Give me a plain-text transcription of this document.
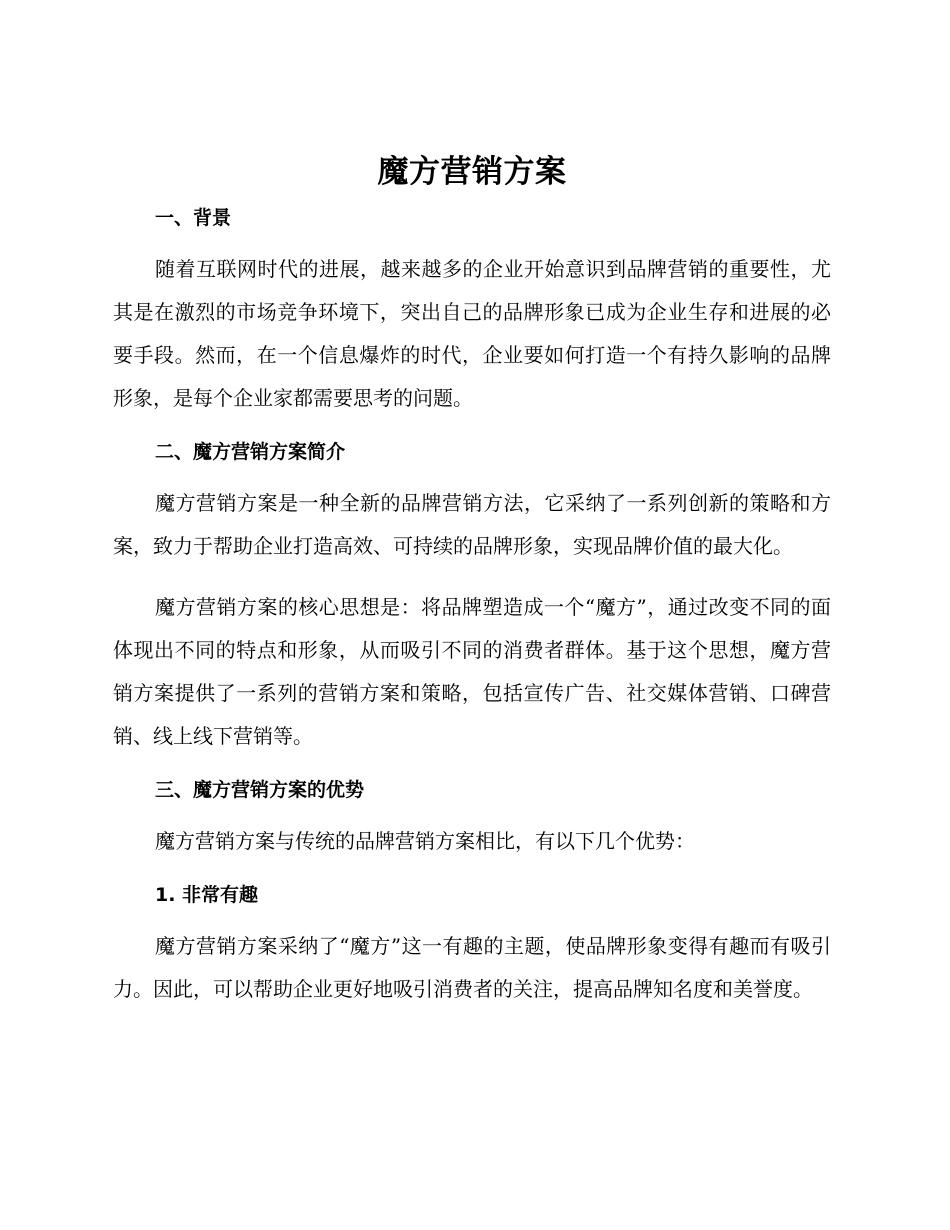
魔方营销方案
一、背景

随着互联网时代的进展，越来越多的企业开始意识到品牌营销的重要性，尤其是在激烈的市场竞争环境下，突出自己的品牌形象已成为企业生存和进展的必要手段。然而，在一个信息爆炸的时代，企业要如何打造一个有持久影响的品牌形象，是每个企业家都需要思考的问题。

二、魔方营销方案简介

魔方营销方案是一种全新的品牌营销方法，它采纳了一系列创新的策略和方案，致力于帮助企业打造高效、可持续的品牌形象，实现品牌价值的最大化。

魔方营销方案的核心思想是：将品牌塑造成一个“魔方”，通过改变不同的面体现出不同的特点和形象，从而吸引不同的消费者群体。基于这个思想，魔方营销方案提供了一系列的营销方案和策略，包括宣传广告、社交媒体营销、口碑营销、线上线下营销等。

三、魔方营销方案的优势

魔方营销方案与传统的品牌营销方案相比，有以下几个优势：

1. 非常有趣

魔方营销方案采纳了“魔方”这一有趣的主题，使品牌形象变得有趣而有吸引力。因此，可以帮助企业更好地吸引消费者的关注，提高品牌知名度和美誉度。
